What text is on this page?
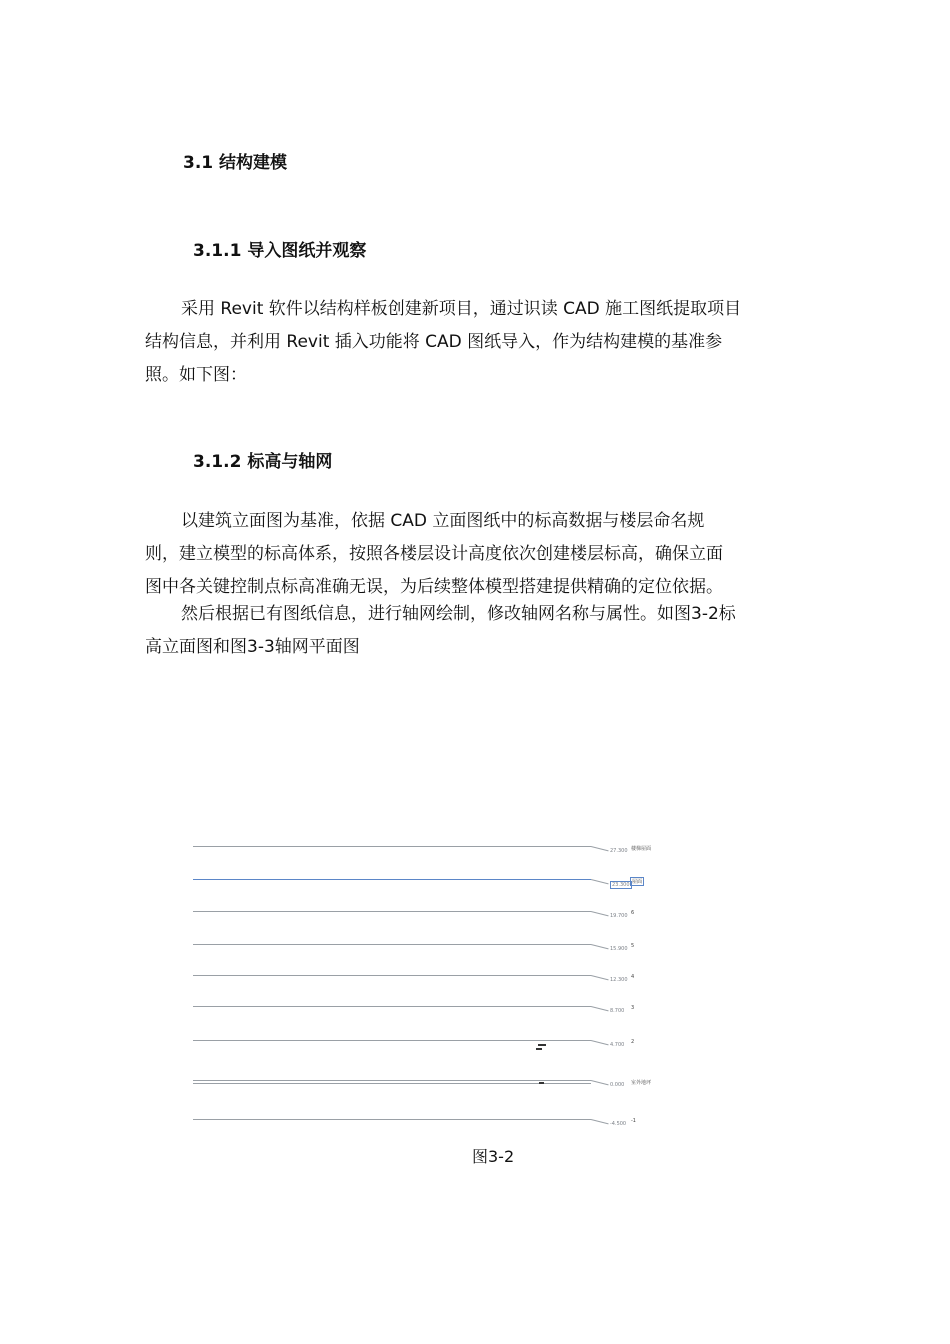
3.1 结构建模
3.1.1 导入图纸并观察
采用 Revit 软件以结构样板创建新项目，通过识读 CAD 施工图纸提取项目
结构信息，并利用 Revit 插入功能将 CAD 图纸导入，作为结构建模的基准参
照。如下图：
3.1.2 标高与轴网
以建筑立面图为基准，依据 CAD 立面图纸中的标高数据与楼层命名规
则，建立模型的标高体系，按照各楼层设计高度依次创建楼层标高，确保立面
图中各关键控制点标高准确无误，为后续整体模型搭建提供精确的定位依据。
然后根据已有图纸信息，进行轴网绘制，修改轴网名称与属性。如图3-2标
高立面图和图3-3轴网平面图
27.300 楼梯屋面
23.300 屋面
19.700 6
15.900 5
12.300 4
8.700 3
4.700 2
0.000 室外地坪
-4.500 -1
图3-2
